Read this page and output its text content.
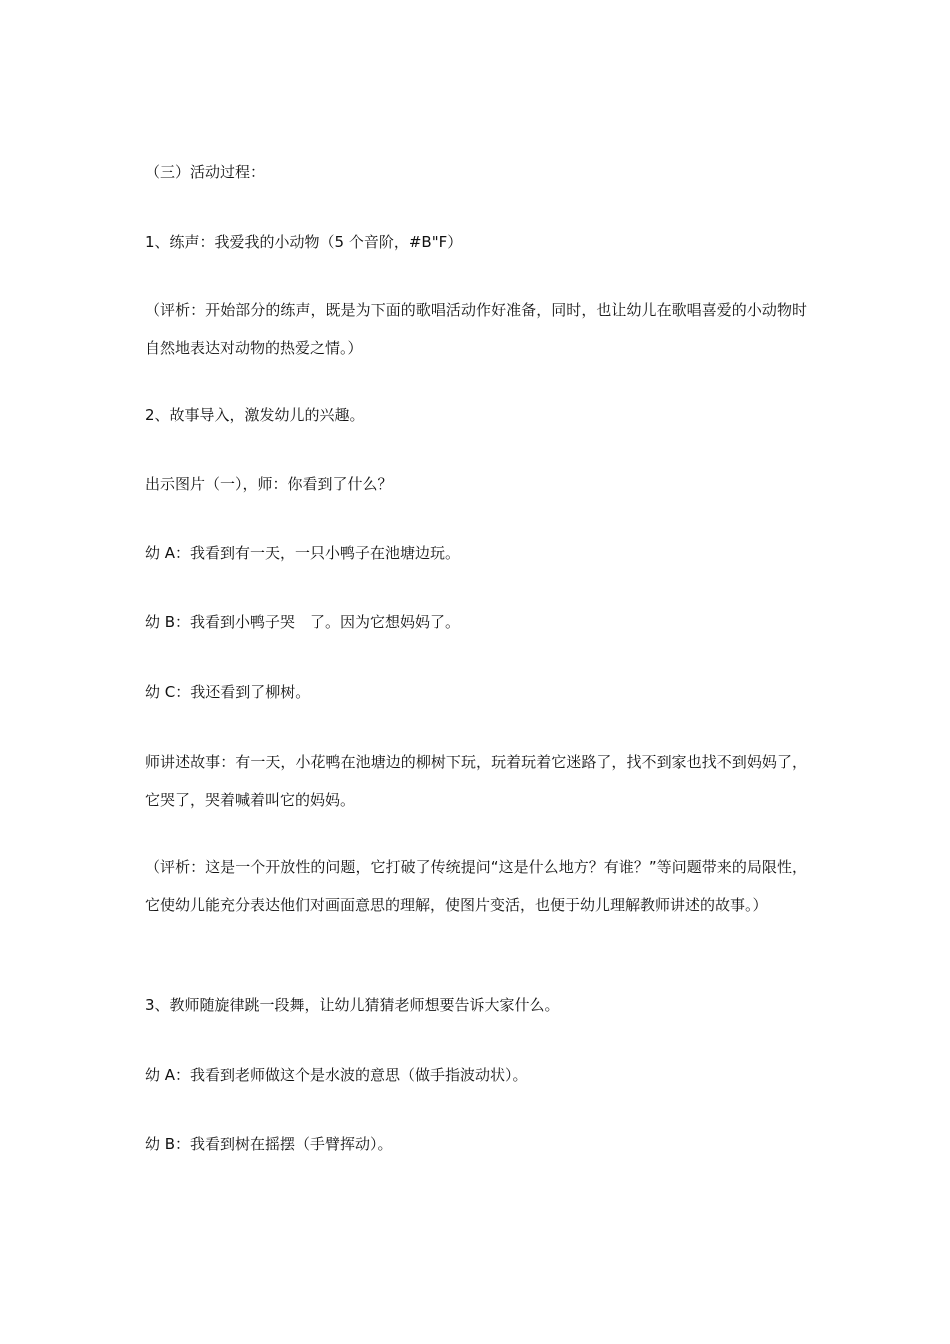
（三）活动过程：
1、练声：我爱我的小动物（5 个音阶，#B"F）
（评析：开始部分的练声，既是为下面的歌唱活动作好准备，同时，也让幼儿在歌唱喜爱的小动物时自然地表达对动物的热爱之情。）
2、故事导入，激发幼儿的兴趣。
出示图片（一），师：你看到了什么？
幼 A：我看到有一天，一只小鸭子在池塘边玩。
幼 B：我看到小鸭子哭　了。因为它想妈妈了。
幼 C：我还看到了柳树。
师讲述故事：有一天，小花鸭在池塘边的柳树下玩，玩着玩着它迷路了，找不到家也找不到妈妈了，它哭了，哭着喊着叫它的妈妈。
（评析：这是一个开放性的问题，它打破了传统提问“这是什么地方？有谁？”等问题带来的局限性，它使幼儿能充分表达他们对画面意思的理解，使图片变活，也便于幼儿理解教师讲述的故事。）
3、教师随旋律跳一段舞，让幼儿猜猜老师想要告诉大家什么。
幼 A：我看到老师做这个是水波的意思（做手指波动状）。
幼 B：我看到树在摇摆（手臂挥动）。
